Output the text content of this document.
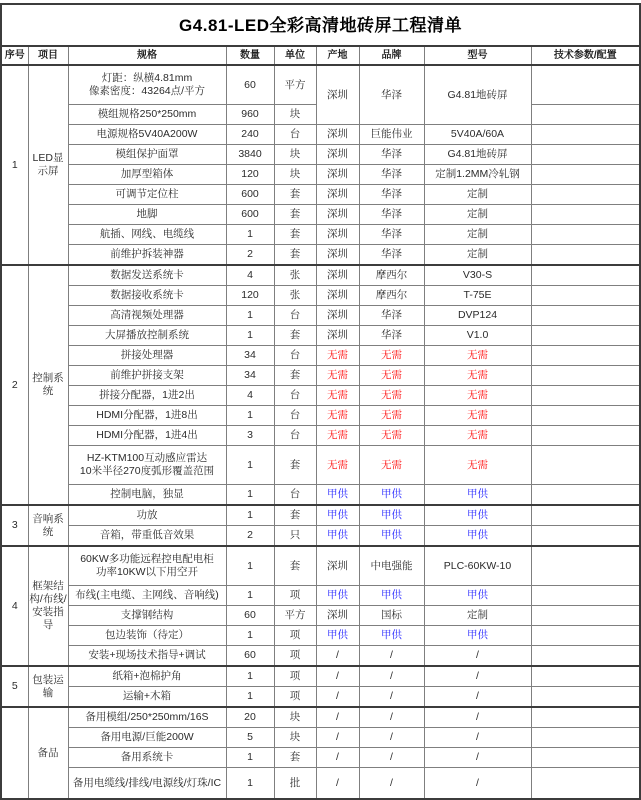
G4.81-LED全彩高清地砖屏工程清单								
序号	项目	规格	数量	单位	产地	品牌	型号	技术参数/配置
1	LED显示屏	灯距：纵横4.81mm
像素密度：43264点/平方	60	平方	深圳	华泽	G4.81地砖屏	
		模组规格250*250mm	960	块				
		电源规格5V40A200W	240	台	深圳	巨能伟业	5V40A/60A	
		模组保护面罩	3840	块	深圳	华泽	G4.81地砖屏	
		加厚型箱体	120	块	深圳	华泽	定制1.2MM冷轧钢	
		可调节定位柱	600	套	深圳	华泽	定制	
		地脚	600	套	深圳	华泽	定制	
		航插、网线、电缆线	1	套	深圳	华泽	定制	
		前维护拆装神器	2	套	深圳	华泽	定制	
2	控制系统	数据发送系统卡	4	张	深圳	摩西尔	V30-S	
		数据接收系统卡	120	张	深圳	摩西尔	T-75E	
		高清视频处理器	1	台	深圳	华泽	DVP124	
		大屏播放控制系统	1	套	深圳	华泽	V1.0	
		拼接处理器	34	台	无需	无需	无需	
		前维护拼接支架	34	套	无需	无需	无需	
		拼接分配器，1进2出	4	台	无需	无需	无需	
		HDMI分配器，1进8出	1	台	无需	无需	无需	
		HDMI分配器，1进4出	3	台	无需	无需	无需	

		HZ-KTM100互动感应雷达
10米半径270度弧形覆盖范围	1	套	无需	无需	无需	
		控制电脑，独显	1	台	甲供	甲供	甲供	
3	音响系统	功放	1	套	甲供	甲供	甲供	
		音箱，带重低音效果	2	只	甲供	甲供	甲供	
4	框架结构/布线/安装指导	60KW多功能远程控电配电柜
功率10KW以下用空开	1	套	深圳	中电强能	PLC-60KW-10	
		布线(主电缆、主网线、音响线)	1	项	甲供	甲供	甲供	
		支撑钢结构	60	平方	深圳	国标	定制	
		包边装饰（待定）	1	项	甲供	甲供	甲供	
		安装+现场技术指导+调试	60	项	/	/	/	
5	包装运输	纸箱+泡棉护角	1	项	/	/	/	
		运输+木箱	1	项	/	/	/	
	备品	备用模组/250*250mm/16S	20	块	/	/	/	
		备用电源/巨能200W	5	块	/	/	/	
		备用系统卡	1	套	/	/	/	
		备用电缆线/排线/电源线/灯珠/IC	1	批	/	/	/	
